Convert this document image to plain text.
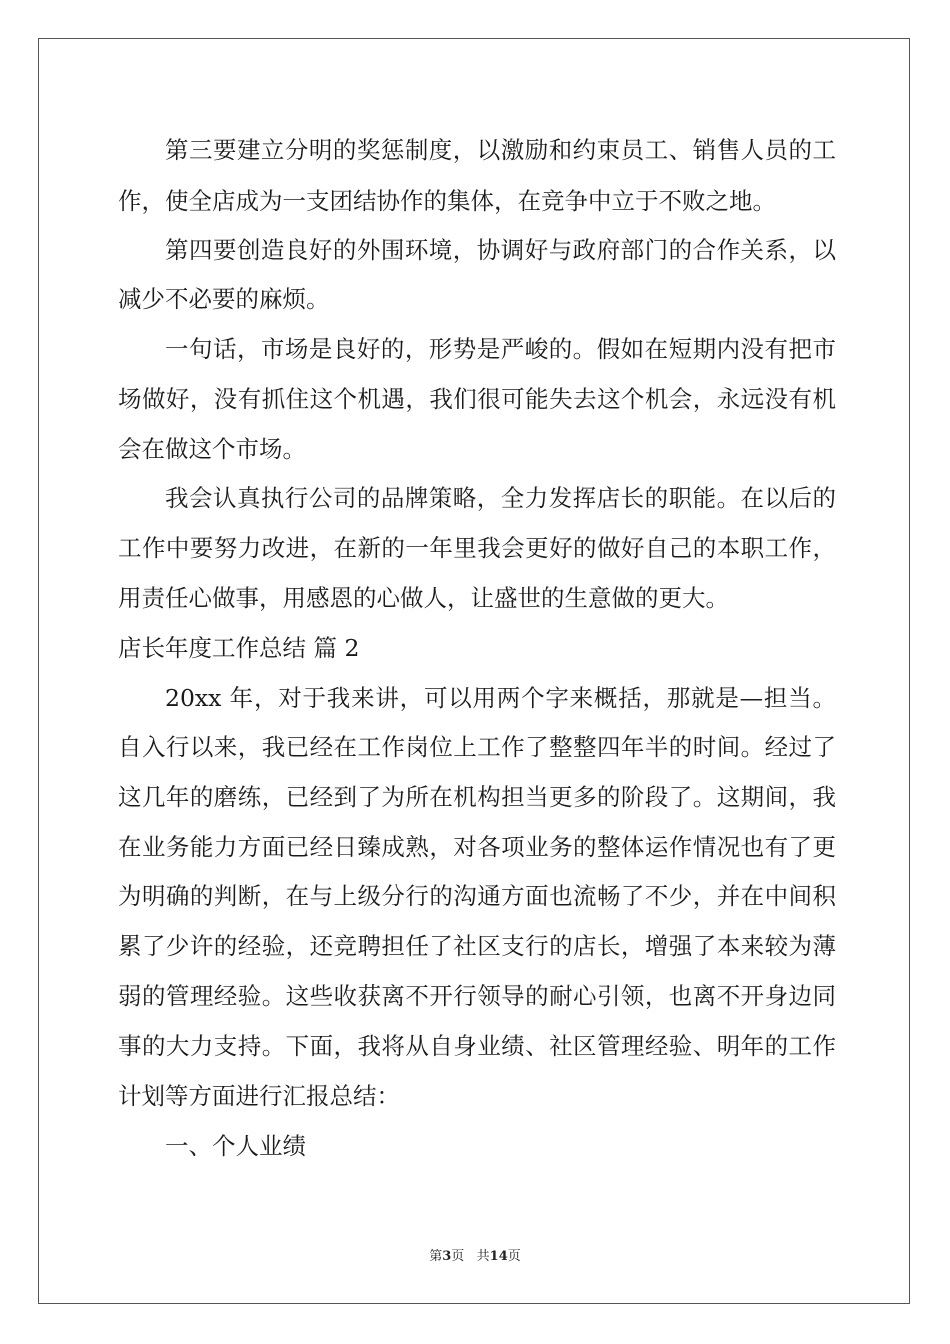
第三要建立分明的奖惩制度，以激励和约束员工、销售人员的工
作，使全店成为一支团结协作的集体，在竞争中立于不败之地。
第四要创造良好的外围环境，协调好与政府部门的合作关系，以
减少不必要的麻烦。
一句话，市场是良好的，形势是严峻的。假如在短期内没有把市
场做好，没有抓住这个机遇，我们很可能失去这个机会，永远没有机
会在做这个市场。
我会认真执行公司的品牌策略，全力发挥店长的职能。在以后的
工作中要努力改进，在新的一年里我会更好的做好自己的本职工作，
用责任心做事，用感恩的心做人，让盛世的生意做的更大。
店长年度工作总结 篇 2
20xx 年，对于我来讲，可以用两个字来概括，那就是—担当。
自入行以来，我已经在工作岗位上工作了整整四年半的时间。经过了
这几年的磨练，已经到了为所在机构担当更多的阶段了。这期间，我
在业务能力方面已经日臻成熟，对各项业务的整体运作情况也有了更
为明确的判断，在与上级分行的沟通方面也流畅了不少，并在中间积
累了少许的经验，还竞聘担任了社区支行的店长，增强了本来较为薄
弱的管理经验。这些收获离不开行领导的耐心引领，也离不开身边同
事的大力支持。下面，我将从自身业绩、社区管理经验、明年的工作
计划等方面进行汇报总结：
一、个人业绩
第3页   共14页
